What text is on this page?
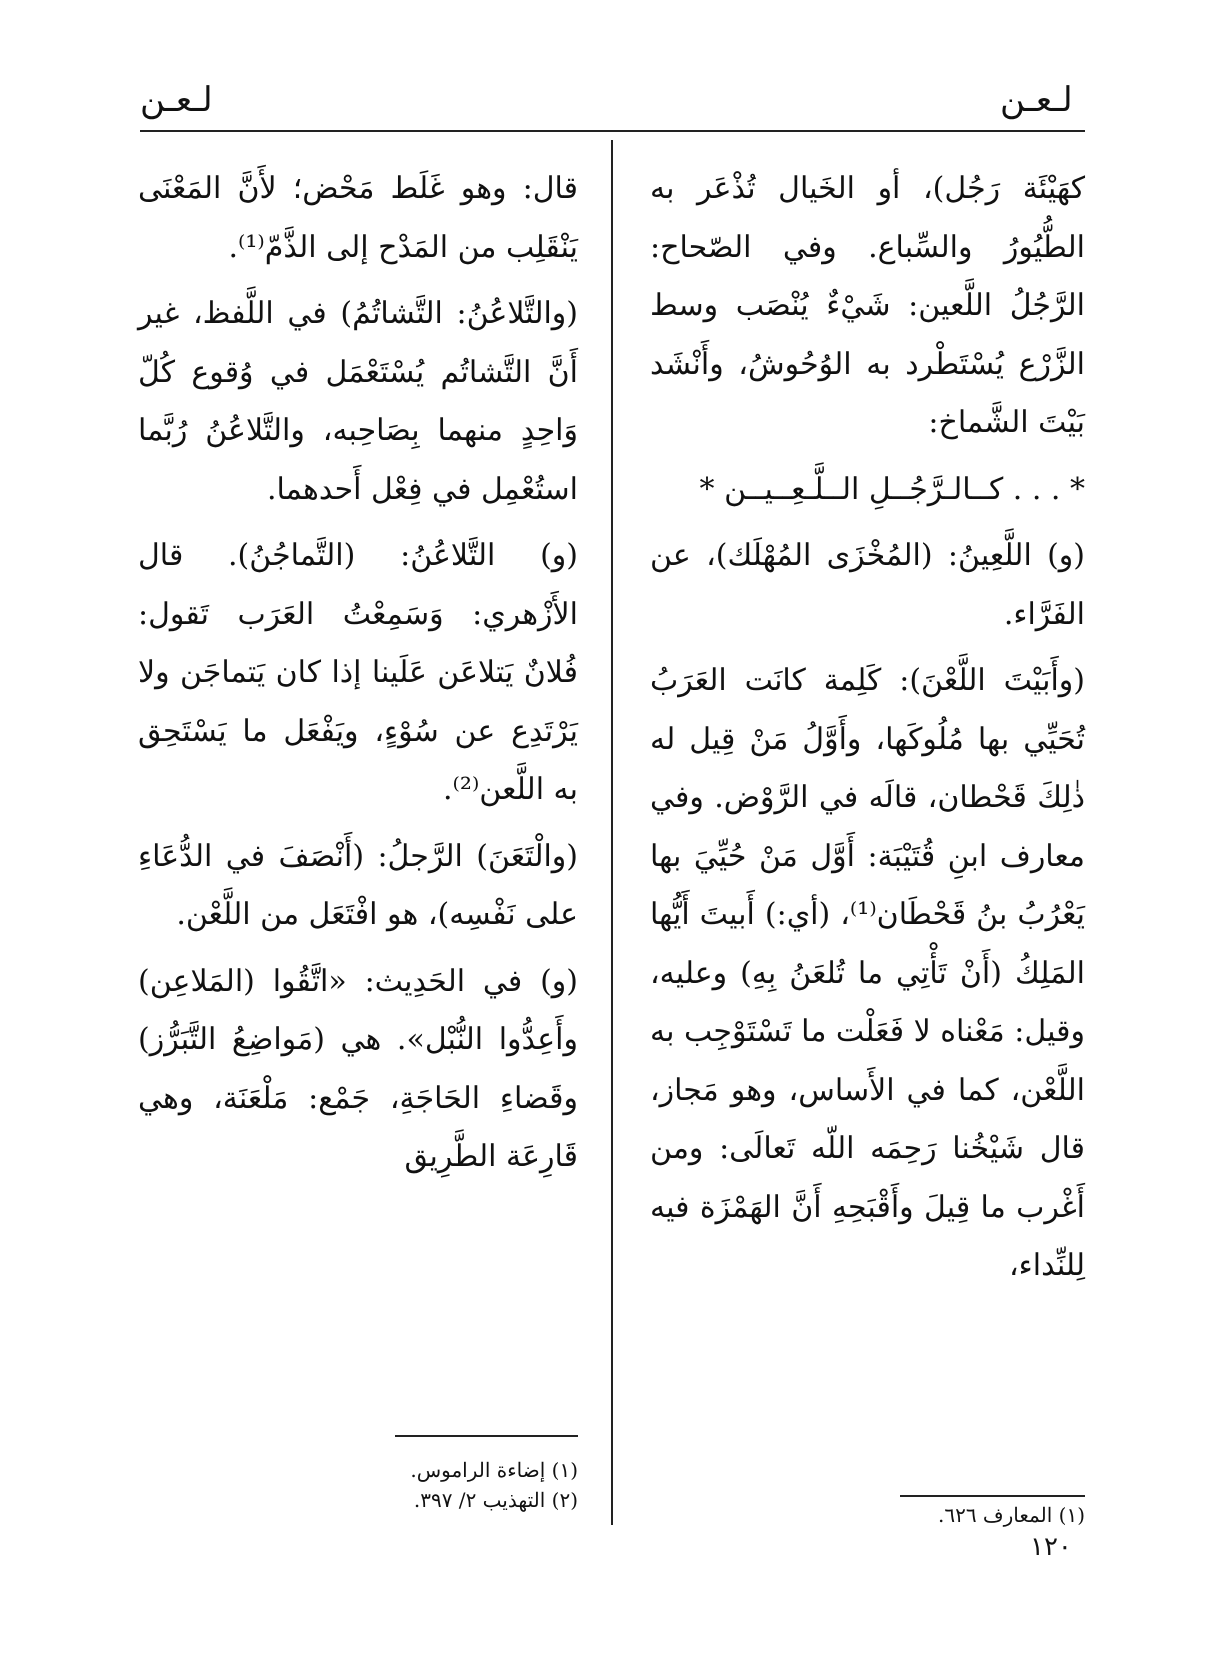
لـعـن
لـعـن

كهَيْئَة رَجُل)، أو الخَيال تُذْعَر به الطُّيُورُ والسِّباع. وفي الصّحاح: الرَّجُلُ اللَّعين: شَيْءٌ يُنْصَب وسط الزَّرْع يُسْتَطْرد به الوُحُوشُ، وأَنْشَد بَيْتَ الشَّماخ:

* . . . كــالـرَّجُــلِ الــلَّـعِــيــن *

(و) اللَّعِينُ: (المُخْزَى المُهْلَك)، عن الفَرَّاء.

(وأَبَيْتَ اللَّعْنَ): كَلِمة كانَت العَرَبُ تُحَيِّي بها مُلُوكَها، وأَوَّلُ مَنْ قِيل له ذٰلِكَ قَحْطان، قالَه في الرَّوْض. وفي معارف ابنِ قُتَيْبَة: أَوَّل مَنْ حُيِّيَ بها يَعْرُبُ بنُ قَحْطَان⁽¹⁾، (أي:) أَبيتَ أَيُّها المَلِكُ (أَنْ تَأْتِي ما تُلعَنُ بِهِ) وعليه، وقيل: مَعْناه لا فَعَلْت ما تَسْتَوْجِب به اللَّعْن، كما في الأَساس، وهو مَجاز، قال شَيْخُنا رَحِمَه اللّه تَعالَى: ومن أَغْرب ما قِيلَ وأَقْبَحِهِ أَنَّ الهَمْزَة فيه لِلنِّداء،

قال: وهو غَلَط مَحْض؛ لأَنَّ المَعْنَى يَنْقَلِب من المَدْح إلى الذَّمّ⁽¹⁾.

(والتَّلاعُنُ: التَّشاتُمُ) في اللَّفظ، غير أَنَّ التَّشاتُم يُسْتَعْمَل في وُقوع كُلّ وَاحِدٍ منهما بِصَاحِبه، والتَّلاعُنُ رُبَّما استُعْمِل في فِعْل أَحدهما.

(و) التَّلاعُنُ: (التَّماجُنُ). قال الأَزْهري: وَسَمِعْتُ العَرَب تَقول: فُلانٌ يَتلاعَن عَلَينا إذا كان يَتماجَن ولا يَرْتَدِع عن سُوْءٍ، ويَفْعَل ما يَسْتَحِق به اللَّعن⁽²⁾.

(والْتَعَنَ) الرَّجلُ: (أَنْصَفَ في الدُّعَاءِ على نَفْسِه)، هو افْتَعَل من اللَّعْن.

(و) في الحَدِيث: «اتَّقُوا (المَلاعِن) وأَعِدُّوا النُّبْل». هي (مَواضِعُ التَّبَرُّز) وقَضاءِ الحَاجَةِ، جَمْع: مَلْعَنَة، وهي قَارِعَة الطَّرِيق

(١) المعارف ٦٢٦.
(١) إضاءة الراموس.
(٢) التهذيب ٢/ ٣٩٧.
١٢٠
